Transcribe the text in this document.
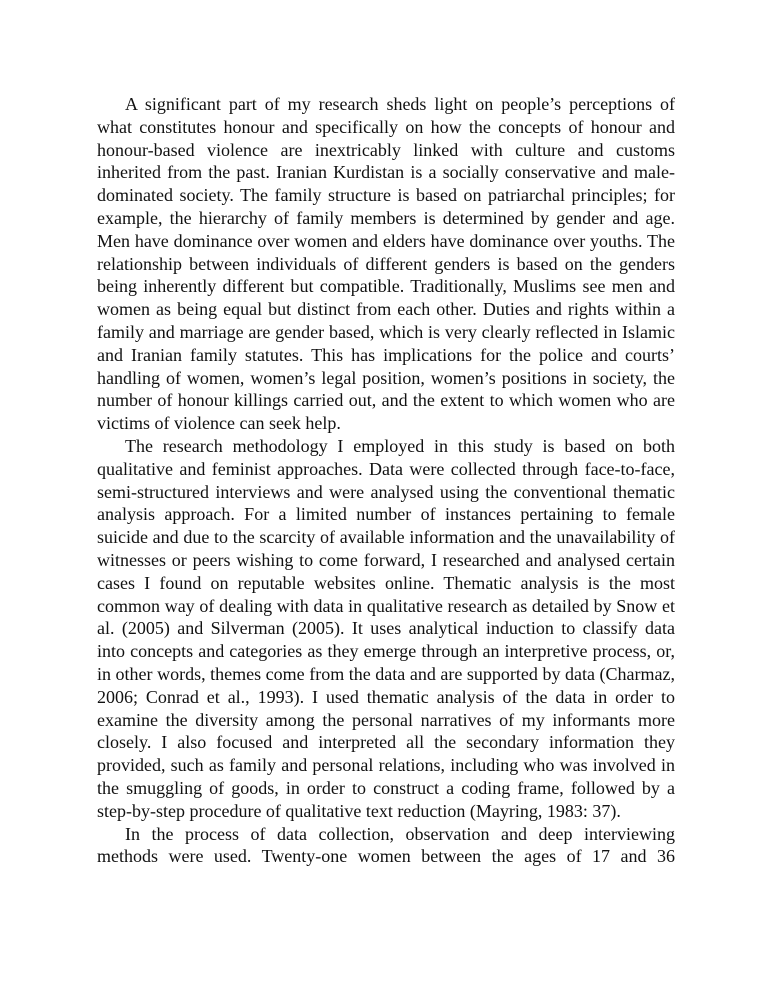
A significant part of my research sheds light on people’s perceptions of what constitutes honour and specifically on how the concepts of honour and honour-based violence are inextricably linked with culture and customs inherited from the past. Iranian Kurdistan is a socially conservative and male-dominated society. The family structure is based on patriarchal principles; for example, the hierarchy of family members is determined by gender and age. Men have dominance over women and elders have dominance over youths. The relationship between individuals of different genders is based on the genders being inherently different but compatible. Traditionally, Muslims see men and women as being equal but distinct from each other. Duties and rights within a family and marriage are gender based, which is very clearly reflected in Islamic and Iranian family statutes. This has implications for the police and courts’ handling of women, women’s legal position, women’s positions in society, the number of honour killings carried out, and the extent to which women who are victims of violence can seek help.

The research methodology I employed in this study is based on both qualitative and feminist approaches. Data were collected through face-to-face, semi-structured interviews and were analysed using the conventional thematic analysis approach. For a limited number of instances pertaining to female suicide and due to the scarcity of available information and the unavailability of witnesses or peers wishing to come forward, I researched and analysed certain cases I found on reputable websites online. Thematic analysis is the most common way of dealing with data in qualitative research as detailed by Snow et al. (2005) and Silverman (2005). It uses analytical induction to classify data into concepts and categories as they emerge through an interpretive process, or, in other words, themes come from the data and are supported by data (Charmaz, 2006; Conrad et al., 1993). I used thematic analysis of the data in order to examine the diversity among the personal narratives of my informants more closely. I also focused and interpreted all the secondary information they provided, such as family and personal relations, including who was involved in the smuggling of goods, in order to construct a coding frame, followed by a step-by-step procedure of qualitative text reduction (Mayring, 1983: 37).

In the process of data collection, observation and deep interviewing methods were used. Twenty-one women between the ages of 17 and 36
